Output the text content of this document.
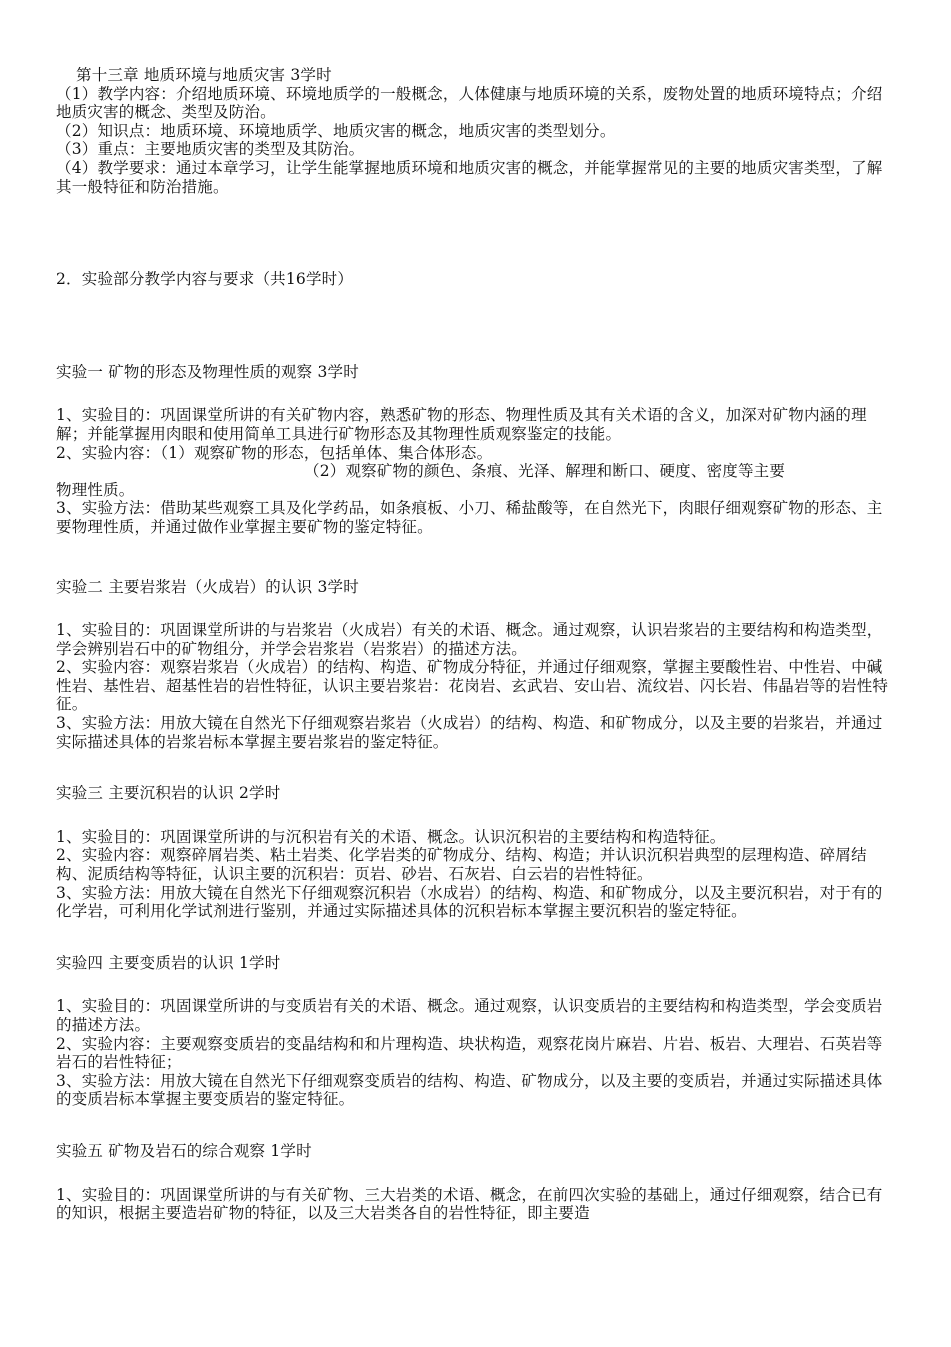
第十三章 地质环境与地质灾害 3学时

（1）教学内容：介绍地质环境、环境地质学的一般概念，人体健康与地质环境的关系，废物处置的地质环境特点；介绍地质灾害的概念、类型及防治。

（2）知识点：地质环境、环境地质学、地质灾害的概念，地质灾害的类型划分。

（3）重点：主要地质灾害的类型及其防治。

（4）教学要求：通过本章学习，让学生能掌握地质环境和地质灾害的概念，并能掌握常见的主要的地质灾害类型，了解其一般特征和防治措施。

2．实验部分教学内容与要求（共16学时）

实验一 矿物的形态及物理性质的观察 3学时

1、实验目的：巩固课堂所讲的有关矿物内容，熟悉矿物的形态、物理性质及其有关术语的含义，加深对矿物内涵的理解；并能掌握用肉眼和使用简单工具进行矿物形态及其物理性质观察鉴定的技能。

2、实验内容：（1）观察矿物的形态，包括单体、集合体形态。

（2）观察矿物的颜色、条痕、光泽、解理和断口、硬度、密度等主要

物理性质。

3、实验方法：借助某些观察工具及化学药品，如条痕板、小刀、稀盐酸等，在自然光下，肉眼仔细观察矿物的形态、主要物理性质，并通过做作业掌握主要矿物的鉴定特征。

实验二 主要岩浆岩（火成岩）的认识 3学时

1、实验目的：巩固课堂所讲的与岩浆岩（火成岩）有关的术语、概念。通过观察，认识岩浆岩的主要结构和构造类型，学会辨别岩石中的矿物组分，并学会岩浆岩（岩浆岩）的描述方法。

2、实验内容：观察岩浆岩（火成岩）的结构、构造、矿物成分特征，并通过仔细观察，掌握主要酸性岩、中性岩、中碱性岩、基性岩、超基性岩的岩性特征，认识主要岩浆岩：花岗岩、玄武岩、安山岩、流纹岩、闪长岩、伟晶岩等的岩性特征。

3、实验方法：用放大镜在自然光下仔细观察岩浆岩（火成岩）的结构、构造、和矿物成分，以及主要的岩浆岩，并通过实际描述具体的岩浆岩标本掌握主要岩浆岩的鉴定特征。

实验三 主要沉积岩的认识 2学时

1、实验目的：巩固课堂所讲的与沉积岩有关的术语、概念。认识沉积岩的主要结构和构造特征。

2、实验内容：观察碎屑岩类、粘土岩类、化学岩类的矿物成分、结构、构造；并认识沉积岩典型的层理构造、碎屑结构、泥质结构等特征，认识主要的沉积岩：页岩、砂岩、石灰岩、白云岩的岩性特征。

3、实验方法：用放大镜在自然光下仔细观察沉积岩（水成岩）的结构、构造、和矿物成分，以及主要沉积岩，对于有的化学岩，可利用化学试剂进行鉴别，并通过实际描述具体的沉积岩标本掌握主要沉积岩的鉴定特征。

实验四 主要变质岩的认识 1学时

1、实验目的：巩固课堂所讲的与变质岩有关的术语、概念。通过观察，认识变质岩的主要结构和构造类型，学会变质岩的描述方法。

2、实验内容：主要观察变质岩的变晶结构和和片理构造、块状构造，观察花岗片麻岩、片岩、板岩、大理岩、石英岩等岩石的岩性特征；

3、实验方法：用放大镜在自然光下仔细观察变质岩的结构、构造、矿物成分，以及主要的变质岩，并通过实际描述具体的变质岩标本掌握主要变质岩的鉴定特征。

实验五 矿物及岩石的综合观察 1学时

1、实验目的：巩固课堂所讲的与有关矿物、三大岩类的术语、概念，在前四次实验的基础上，通过仔细观察，结合已有的知识，根据主要造岩矿物的特征，以及三大岩类各自的岩性特征，即主要造
